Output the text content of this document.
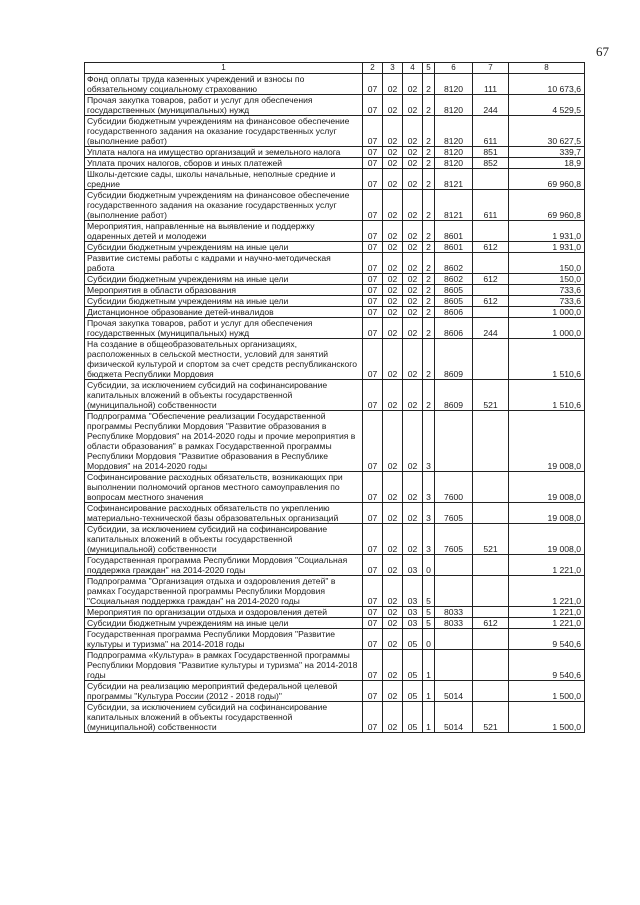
67
1	2	3	4	5	6	7	8
Фонд оплаты труда казенных учреждений и взносы по обязательному социальному страхованию	07	02	02	2	8120	111	10 673,6
Прочая закупка товаров, работ и услуг для обеспечения государственных (муниципальных) нужд	07	02	02	2	8120	244	4 529,5
Субсидии бюджетным учреждениям на финансовое обеспечение государственного задания на оказание государственных услуг (выполнение работ)	07	02	02	2	8120	611	30 627,5
Уплата налога на имущество организаций и земельного налога	07	02	02	2	8120	851	339,7
Уплата прочих налогов, сборов и иных платежей	07	02	02	2	8120	852	18,9
Школы-детские сады, школы начальные, неполные средние и средние	07	02	02	2	8121		69 960,8
Субсидии бюджетным учреждениям на финансовое обеспечение государственного задания на оказание государственных услуг (выполнение работ)	07	02	02	2	8121	611	69 960,8
Мероприятия, направленные на выявление и поддержку одаренных детей и молодежи	07	02	02	2	8601		1 931,0
Субсидии бюджетным учреждениям на иные цели	07	02	02	2	8601	612	1 931,0
Развитие системы работы с кадрами и научно-методическая работа	07	02	02	2	8602		150,0
Субсидии бюджетным учреждениям на иные цели	07	02	02	2	8602	612	150,0
Мероприятия в области образования	07	02	02	2	8605		733,6
Субсидии бюджетным учреждениям на иные цели	07	02	02	2	8605	612	733,6
Дистанционное образование детей-инвалидов	07	02	02	2	8606		1 000,0
Прочая закупка товаров, работ и услуг для обеспечения государственных (муниципальных) нужд	07	02	02	2	8606	244	1 000,0
На создание в общеобразовательных организациях, расположенных в сельской местности, условий для занятий физической культурой и спортом за счет средств республиканского бюджета Республики Мордовия	07	02	02	2	8609		1 510,6
Субсидии, за исключением субсидий на софинансирование капитальных вложений в объекты государственной (муниципальной) собственности	07	02	02	2	8609	521	1 510,6
Подпрограмма "Обеспечение реализации Государственной программы Республики Мордовия "Развитие образования в Республике Мордовия" на 2014-2020 годы и прочие мероприятия в области образования" в рамках Государственной программы Республики Мордовия "Развитие образования в Республике Мордовия" на 2014-2020 годы	07	02	02	3			19 008,0
Софинансирование расходных обязательств, возникающих при выполнении полномочий органов местного самоуправления по вопросам местного значения	07	02	02	3	7600		19 008,0
Софинансирование расходных обязательств по укреплению материально-технической базы образовательных организаций	07	02	02	3	7605		19 008,0
Субсидии, за исключением субсидий на софинансирование капитальных вложений в объекты государственной (муниципальной) собственности	07	02	02	3	7605	521	19 008,0
Государственная программа Республики Мордовия "Социальная поддержка граждан" на 2014-2020 годы	07	02	03	0			1 221,0
Подпрограмма "Организация отдыха и оздоровления детей" в рамках Государственной программы Республики Мордовия "Социальная поддержка граждан" на 2014-2020 годы	07	02	03	5			1 221,0
Мероприятия по организации отдыха и оздоровления детей	07	02	03	5	8033		1 221,0
Субсидии бюджетным учреждениям на иные цели	07	02	03	5	8033	612	1 221,0
Государственная программа Республики Мордовия "Развитие культуры и туризма" на 2014-2018 годы	07	02	05	0			9 540,6
Подпрограмма «Культура» в рамках Государственной программы Республики Мордовия "Развитие культуры и туризма" на 2014-2018 годы	07	02	05	1			9 540,6
Субсидии на реализацию мероприятий федеральной целевой программы "Культура России (2012 - 2018 годы)"	07	02	05	1	5014		1 500,0
Субсидии, за исключением субсидий на софинансирование капитальных вложений в объекты государственной (муниципальной) собственности	07	02	05	1	5014	521	1 500,0
